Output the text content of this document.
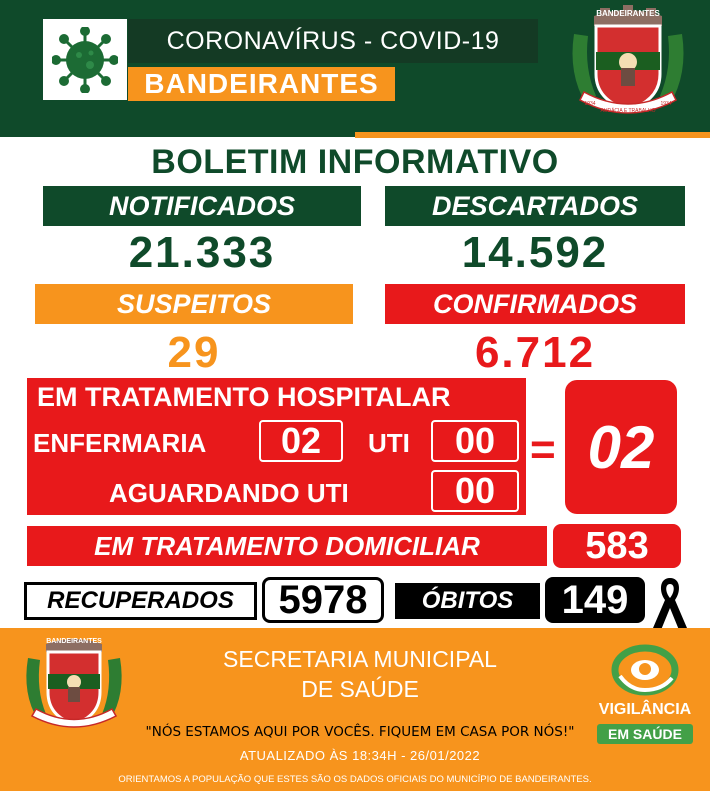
CORONAVÍRUS - COVID-19
BANDEIRANTES
BANDEIRANTES
AUDÁCIA E TRABALHO
1934	1934
BOLETIM INFORMATIVO
NOTIFICADOS	DESCARTADOS
21.333	14.592
SUSPEITOS	CONFIRMADOS
29	6.712
EM TRATAMENTO HOSPITALAR
ENFERMARIA	02	UTI	00
AGUARDANDO UTI	00
= 02
EM TRATAMENTO DOMICILIAR	583
RECUPERADOS	5978	ÓBITOS	149
BANDEIRANTES
SECRETARIA MUNICIPAL
DE SAÚDE
"NÓS ESTAMOS AQUI POR VOCÊS. FIQUEM EM CASA POR NÓS!"
ATUALIZADO ÀS 18:34H - 26/01/2022
ORIENTAMOS A POPULAÇÃO QUE ESTES SÃO OS DADOS OFICIAIS DO MUNICÍPIO DE BANDEIRANTES.
VIGILÂNCIA
EM SAÚDE
